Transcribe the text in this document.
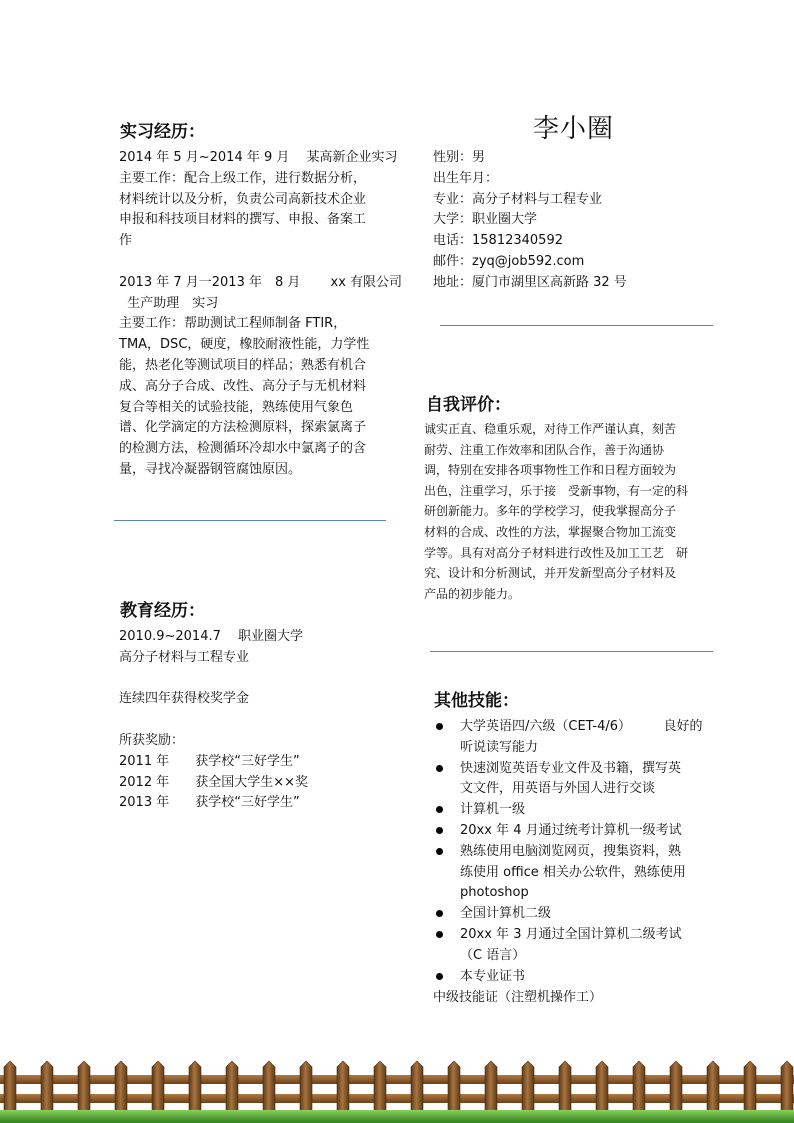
实习经历：
2014 年 5 月~2014 年 9 月　 某高新企业实习
主要工作：配合上级工作，进行数据分析，
材料统计以及分析，负责公司高新技术企业
申报和科技项目材料的撰写、申报、备案工
作
2013 年 7 月一2013 年　8 月　　 xx 有限公司
生产助理　实习
主要工作：帮助测试工程师制备 FTIR，
TMA，DSC，硬度，橡胶耐液性能，力学性
能，热老化等测试项目的样品；熟悉有机合
成、高分子合成、改性、高分子与无机材料
复合等相关的试验技能，熟练使用气象色
谱、化学滴定的方法检测原料，探索氯离子
的检测方法，检测循环冷却水中氯离子的含
量，寻找冷凝器钢管腐蚀原因。
教育经历：
2010.9~2014.7　 职业圈大学
高分子材料与工程专业
连续四年获得校奖学金
所获奖励：
2011 年　　获学校“三好学生”
2012 年　　获全国大学生××奖
2013 年　　获学校“三好学生”
李小圈
性别：男
出生年月：
专业：高分子材料与工程专业
大学：职业圈大学
电话：15812340592
邮件：zyq@job592.com
地址：厦门市湖里区高新路 32 号
自我评价：
诚实正直、稳重乐观，对待工作严谨认真，刻苦
耐劳、注重工作效率和团队合作，善于沟通协
调，特别在安排各项事物性工作和日程方面较为
出色，注重学习，乐于接　受新事物，有一定的科
研创新能力。多年的学校学习，使我掌握高分子
材料的合成、改性的方法，掌握聚合物加工流变
学等。具有对高分子材料进行改性及加工工艺　研
究、设计和分析测试，并开发新型高分子材料及
产品的初步能力。
其他技能：
大学英语四/六级（CET-4/6）　　　良好的
听说读写能力
快速浏览英语专业文件及书籍，撰写英
文文件，用英语与外国人进行交谈
计算机一级
20xx 年 4 月通过统考计算机一级考试
熟练使用电脑浏览网页，搜集资料，熟
练使用 office 相关办公软件，熟练使用
photoshop
全国计算机二级
20xx 年 3 月通过全国计算机二级考试
（C 语言）
本专业证书
中级技能证（注塑机操作工）
